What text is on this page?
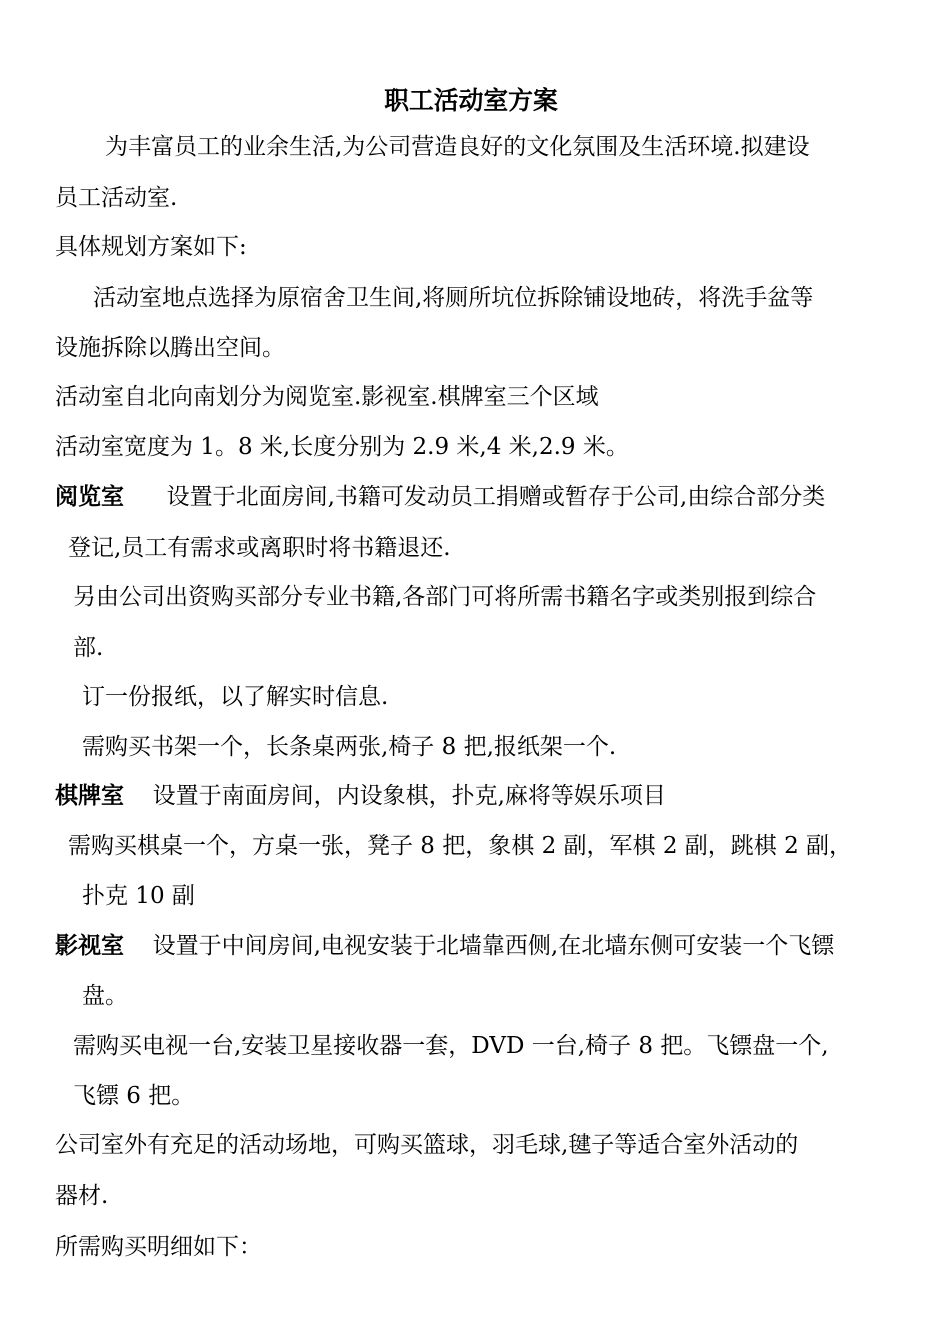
职工活动室方案
为丰富员工的业余生活,为公司营造良好的文化氛围及生活环境.拟建设
员工活动室.
具体规划方案如下:
活动室地点选择为原宿舍卫生间,将厕所坑位拆除铺设地砖，将洗手盆等
设施拆除以腾出空间。
活动室自北向南划分为阅览室.影视室.棋牌室三个区域
活动室宽度为 1。8 米,长度分别为 2.9 米,4 米,2.9 米。
阅览室 设置于北面房间,书籍可发动员工捐赠或暂存于公司,由综合部分类
登记,员工有需求或离职时将书籍退还.
另由公司出资购买部分专业书籍,各部门可将所需书籍名字或类别报到综合
部.
订一份报纸，以了解实时信息.
需购买书架一个，长条桌两张,椅子 8 把,报纸架一个.
棋牌室 设置于南面房间，内设象棋，扑克,麻将等娱乐项目
需购买棋桌一个，方桌一张，凳子 8 把，象棋 2 副，军棋 2 副，跳棋 2 副，
扑克 10 副
影视室 设置于中间房间,电视安装于北墙靠西侧,在北墙东侧可安装一个飞镖
盘。
需购买电视一台,安装卫星接收器一套，DVD 一台,椅子 8 把。飞镖盘一个,
飞镖 6 把。
公司室外有充足的活动场地，可购买篮球，羽毛球,毽子等适合室外活动的
器材.
所需购买明细如下：
